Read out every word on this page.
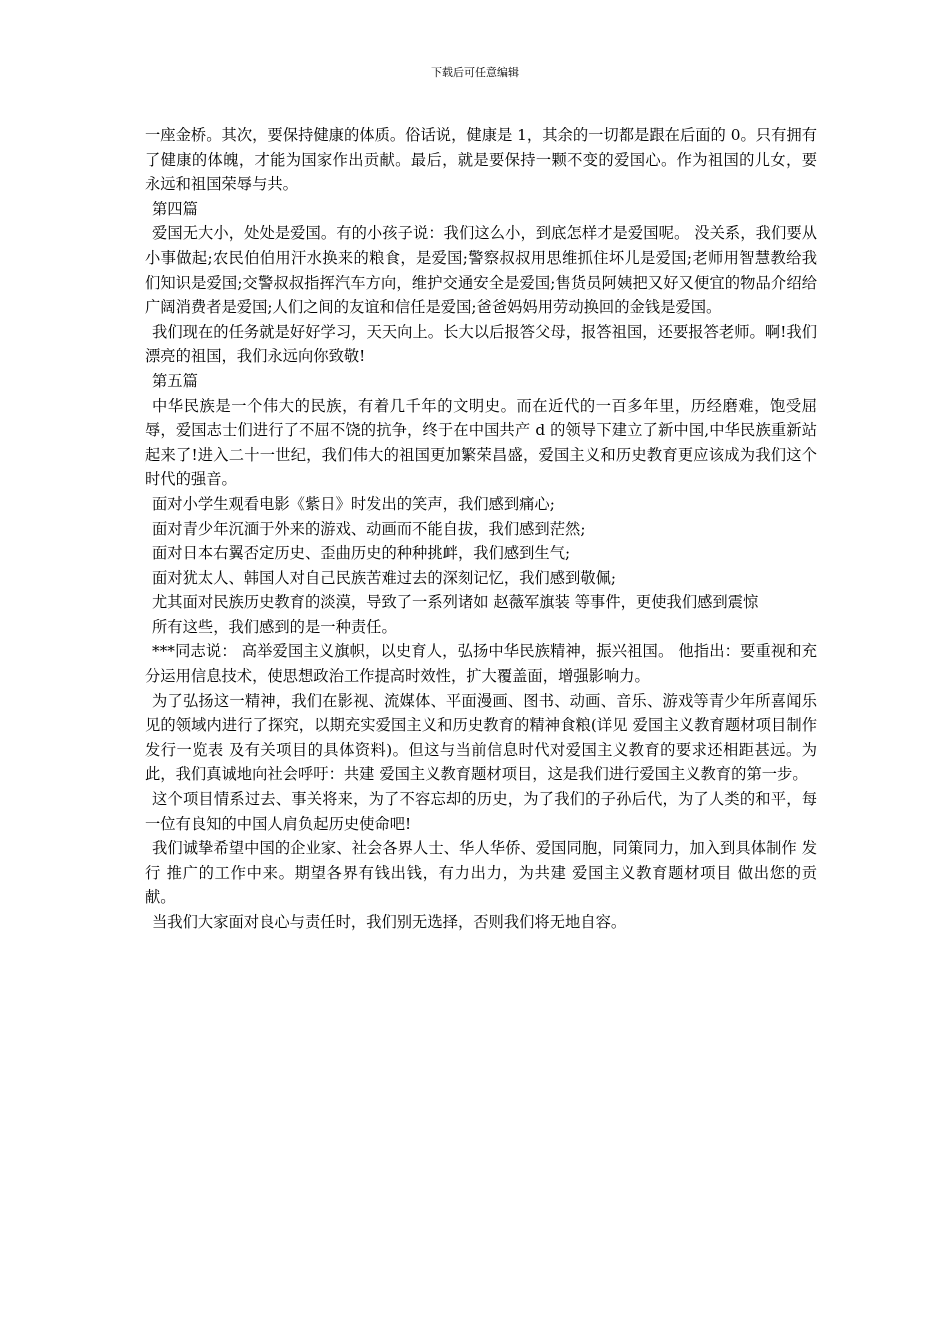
下载后可任意编辑

一座金桥。其次，要保持健康的体质。俗话说，健康是 1，其余的一切都是跟在后面的 0。只有拥有了健康的体魄，才能为国家作出贡献。最后，就是要保持一颗不变的爱国心。作为祖国的儿女，要永远和祖国荣辱与共。

第四篇

爱国无大小，处处是爱国。有的小孩子说：我们这么小，到底怎样才是爱国呢。 没关系，我们要从小事做起;农民伯伯用汗水换来的粮食，是爱国;警察叔叔用思维抓住坏儿是爱国;老师用智慧教给我们知识是爱国;交警叔叔指挥汽车方向，维护交通安全是爱国;售货员阿姨把又好又便宜的物品介绍给广阔消费者是爱国;人们之间的友谊和信任是爱国;爸爸妈妈用劳动换回的金钱是爱国。

我们现在的任务就是好好学习，天天向上。长大以后报答父母，报答祖国，还要报答老师。啊!我们漂亮的祖国，我们永远向你致敬!

第五篇

中华民族是一个伟大的民族，有着几千年的文明史。而在近代的一百多年里，历经磨难，饱受屈辱，爱国志士们进行了不屈不饶的抗争，终于在中国共产 d 的领导下建立了新中国,中华民族重新站起来了!进入二十一世纪，我们伟大的祖国更加繁荣昌盛，爱国主义和历史教育更应该成为我们这个时代的强音。

面对小学生观看电影《紫日》时发出的笑声，我们感到痛心;

面对青少年沉湎于外来的游戏、动画而不能自拔，我们感到茫然;

面对日本右翼否定历史、歪曲历史的种种挑衅，我们感到生气;

面对犹太人、韩国人对自己民族苦难过去的深刻记忆，我们感到敬佩;

尤其面对民族历史教育的淡漠，导致了一系列诸如 赵薇军旗装 等事件，更使我们感到震惊

所有这些，我们感到的是一种责任。

***同志说： 高举爱国主义旗帜，以史育人，弘扬中华民族精神，振兴祖国。 他指出：要重视和充分运用信息技术，使思想政治工作提高时效性，扩大覆盖面，增强影响力。

为了弘扬这一精神，我们在影视、流媒体、平面漫画、图书、动画、音乐、游戏等青少年所喜闻乐见的领域内进行了探究，以期充实爱国主义和历史教育的精神食粮(详见 爱国主义教育题材项目制作发行一览表 及有关项目的具体资料)。但这与当前信息时代对爱国主义教育的要求还相距甚远。为此，我们真诚地向社会呼吁：共建 爱国主义教育题材项目，这是我们进行爱国主义教育的第一步。

这个项目情系过去、事关将来，为了不容忘却的历史，为了我们的子孙后代，为了人类的和平，每一位有良知的中国人肩负起历史使命吧!

我们诚挚希望中国的企业家、社会各界人士、华人华侨、爱国同胞，同策同力，加入到具体制作 发行 推广的工作中来。期望各界有钱出钱，有力出力，为共建 爱国主义教育题材项目 做出您的贡献。

当我们大家面对良心与责任时，我们别无选择，否则我们将无地自容。
